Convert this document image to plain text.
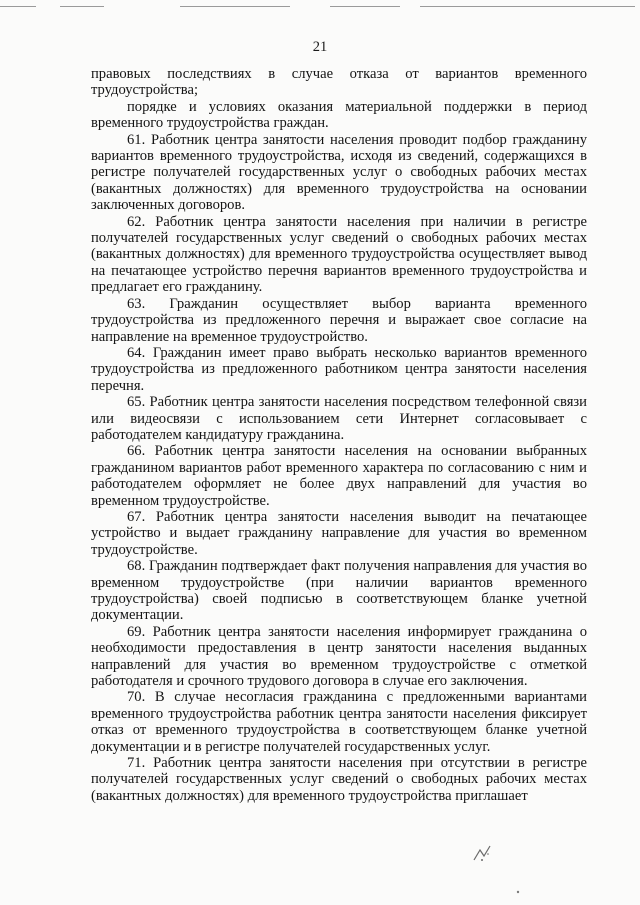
21

правовых последствиях в случае отказа от вариантов временного трудоустройства;

порядке и условиях оказания материальной поддержки в период временного трудоустройства граждан.

61. Работник центра занятости населения проводит подбор гражданину вариантов временного трудоустройства, исходя из сведений, содержащихся в регистре получателей государственных услуг о свободных рабочих местах (вакантных должностях) для временного трудоустройства на основании заключенных договоров.

62. Работник центра занятости населения при наличии в регистре получателей государственных услуг сведений о свободных рабочих местах (вакантных должностях) для временного трудоустройства осуществляет вывод на печатающее устройство перечня вариантов временного трудоустройства и предлагает его гражданину.

63. Гражданин осуществляет выбор варианта временного трудоустройства из предложенного перечня и выражает свое согласие на направление на временное трудоустройство.

64. Гражданин имеет право выбрать несколько вариантов временного трудоустройства из предложенного работником центра занятости населения перечня.

65. Работник центра занятости населения посредством телефонной связи или видеосвязи с использованием сети Интернет согласовывает с работодателем кандидатуру гражданина.

66. Работник центра занятости населения на основании выбранных гражданином вариантов работ временного характера по согласованию с ним и работодателем оформляет не более двух направлений для участия во временном трудоустройстве.

67. Работник центра занятости населения выводит на печатающее устройство и выдает гражданину направление для участия во временном трудоустройстве.

68. Гражданин подтверждает факт получения направления для участия во временном трудоустройстве (при наличии вариантов временного трудоустройства) своей подписью в соответствующем бланке учетной документации.

69. Работник центра занятости населения информирует гражданина о необходимости предоставления в центр занятости населения выданных направлений для участия во временном трудоустройстве с отметкой работодателя и срочного трудового договора в случае его заключения.

70. В случае несогласия гражданина с предложенными вариантами временного трудоустройства работник центра занятости населения фиксирует отказ от временного трудоустройства в соответствующем бланке учетной документации и в регистре получателей государственных услуг.

71. Работник центра занятости населения при отсутствии в регистре получателей государственных услуг сведений о свободных рабочих местах (вакантных должностях) для временного трудоустройства приглашает
